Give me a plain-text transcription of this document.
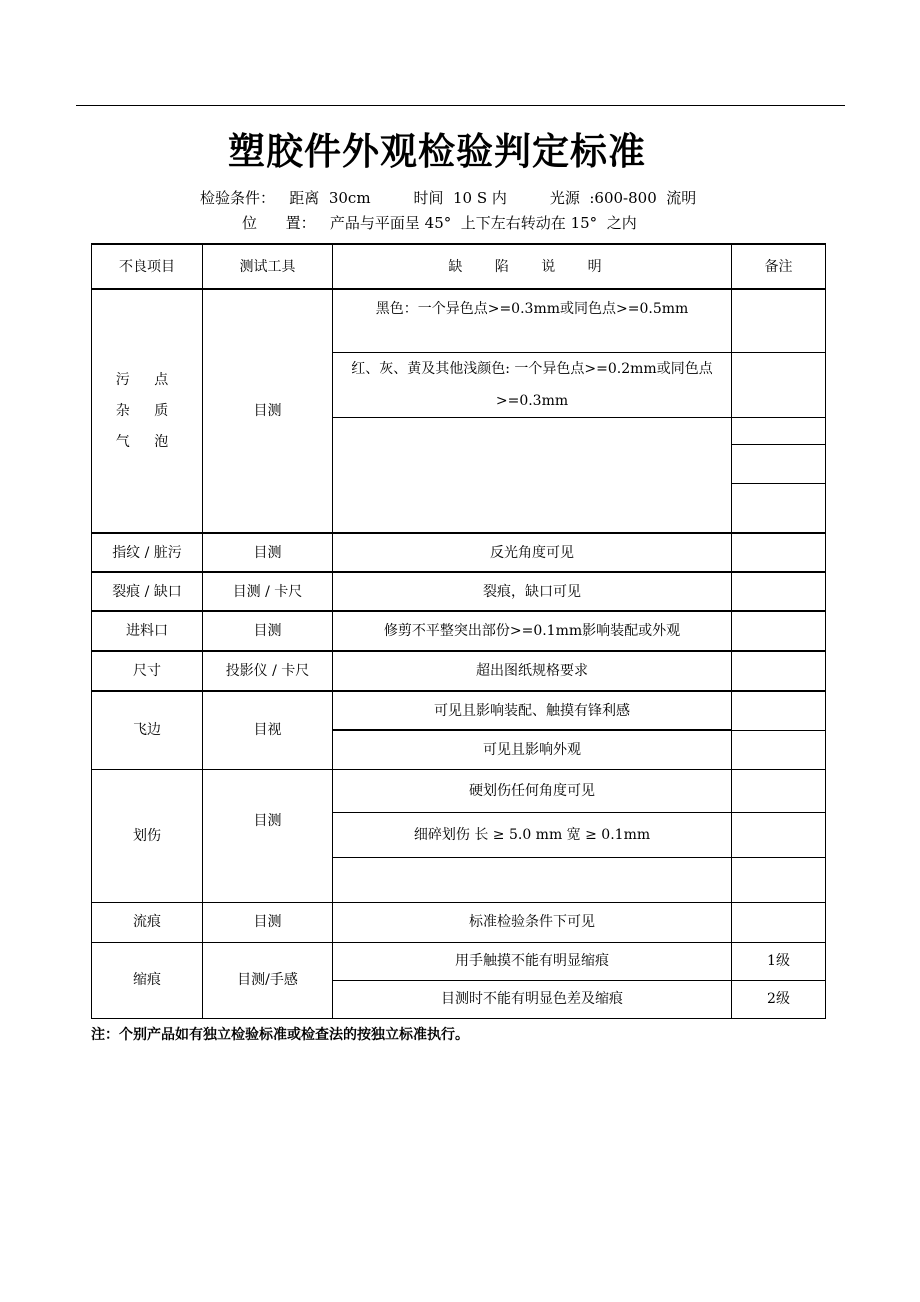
塑胶件外观检验判定标准
检验条件：   距离  30cm         时间  10 S 内         光源  :600-800  流明
位      置：   产品与平面呈 45°  上下左右转动在 15°  之内
不良项目	测试工具	缺 陷 说 明	备注

污 点
杂 质
气 泡	目测	黑色：一个异色点>=0.3mm或同色点>=0.5mm	
		红、灰、黄及其他浅颜色: 一个异色点>=0.2mm或同色点>=0.3mm	

指纹 / 脏污	目测	反光角度可见	
裂痕 / 缺口	目测 / 卡尺	裂痕，缺口可见	
进料口	目测	修剪不平整突出部份>=0.1mm影响装配或外观	
尺寸	投影仪 / 卡尺	超出图纸规格要求	
飞边	目视	可见且影响装配、触摸有锋利感	
		可见且影响外观	
划伤	目测	硬划伤任何角度可见	
		细碎划伤 长 ≥ 5.0 mm 宽 ≥ 0.1mm	

流痕	目测	标准检验条件下可见	
缩痕	目测/手感	用手触摸不能有明显缩痕	1级
		目测时不能有明显色差及缩痕	2级
注：个别产品如有独立检验标准或检查法的按独立标准执行。
